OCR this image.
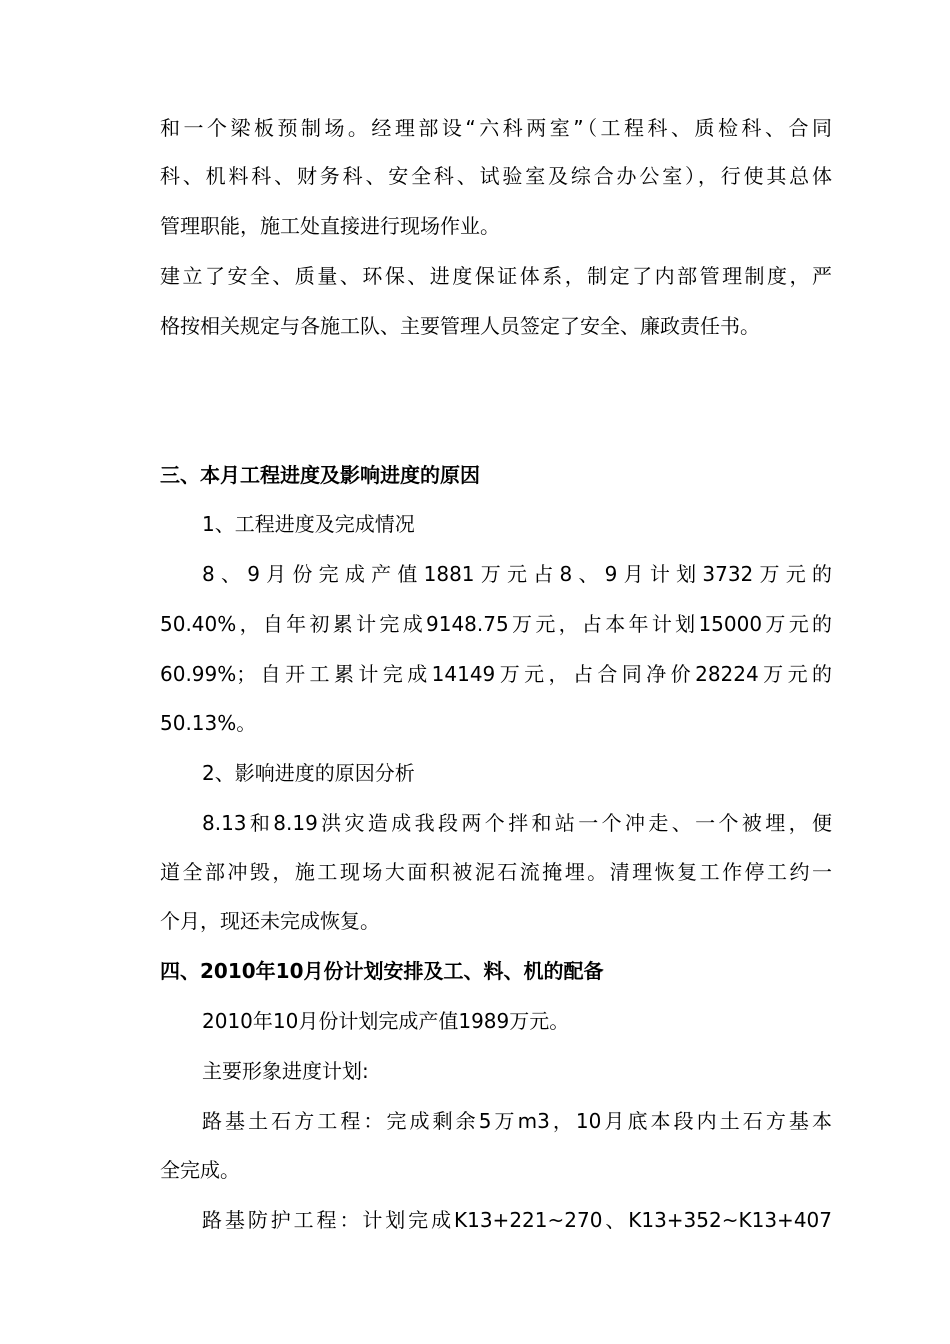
和一个梁板预制场。经理部设“六科两室”（工程科、质检科、合同
科、机料科、财务科、安全科、试验室及综合办公室），行使其总体
管理职能，施工处直接进行现场作业。
建立了安全、质量、环保、进度保证体系，制定了内部管理制度，严
格按相关规定与各施工队、主要管理人员签定了安全、廉政责任书。
三、本月工程进度及影响进度的原因
1、工程进度及完成情况
8、9月份完成产值1881万元占8、9月计划3732万元的
50.40%，自年初累计完成9148.75万元，占本年计划15000万元的
60.99%；自开工累计完成14149万元，占合同净价28224万元的
50.13%。
2、影响进度的原因分析
8.13和8.19洪灾造成我段两个拌和站一个冲走、一个被埋，便
道全部冲毁，施工现场大面积被泥石流掩埋。清理恢复工作停工约一
个月，现还未完成恢复。
四、2010年10月份计划安排及工、料、机的配备
2010年10月份计划完成产值1989万元。
主要形象进度计划:
路基土石方工程：完成剩余5万m3，10月底本段内土石方基本
全完成。
路基防护工程：计划完成K13+221~270、K13+352~K13+407
